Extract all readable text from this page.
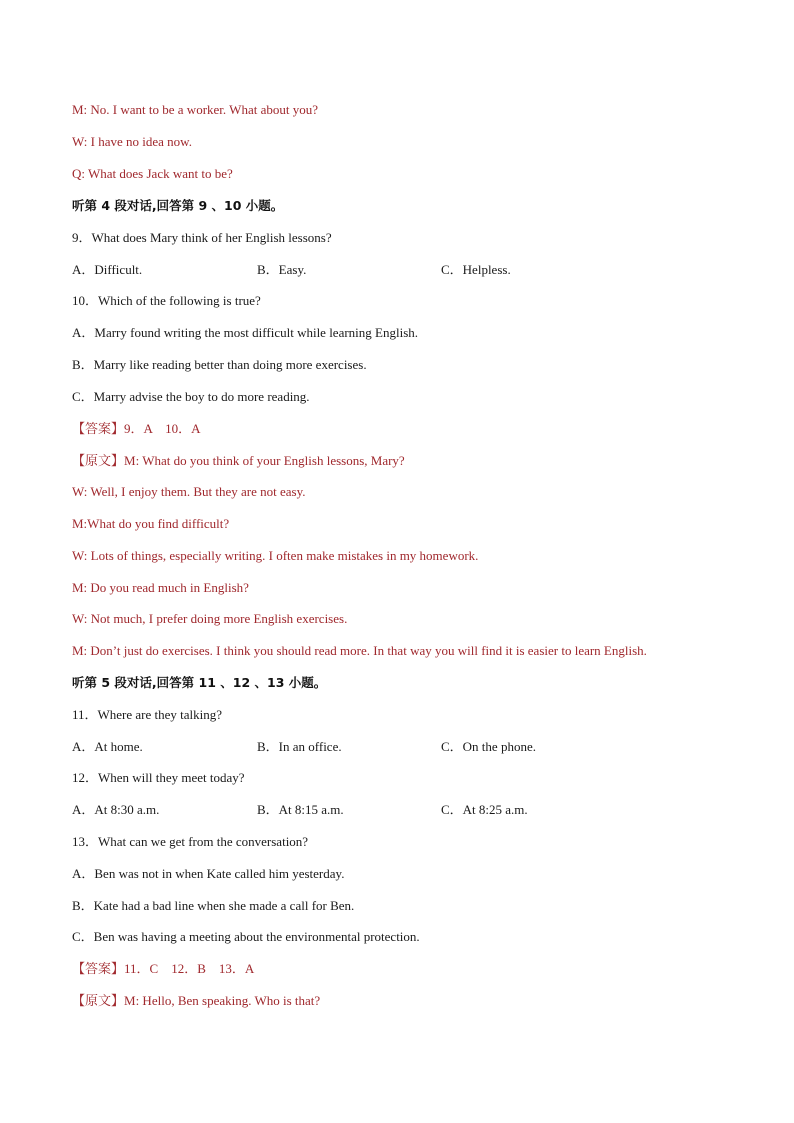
M: No. I want to be a worker. What about you?
W: I have no idea now.
Q: What does Jack want to be?
听第 4 段对话,回答第 9 、10 小题。
9．What does Mary think of her English lessons?
A．Difficult.	B．Easy.	C．Helpless.
10．Which of the following is true?
A．Marry found writing the most difficult while learning English.
B．Marry like reading better than doing more exercises.
C．Marry advise the boy to do more reading.
【答案】9．A    10．A
【原文】M: What do you think of your English lessons, Mary?
W: Well, I enjoy them. But they are not easy.
M:What do you find difficult?
W: Lots of things, especially writing. I often make mistakes in my homework.
M: Do you read much in English?
W: Not much, I prefer doing more English exercises.
M: Don’t just do exercises. I think you should read more. In that way you will find it is easier to learn English.
听第 5 段对话,回答第 11 、12 、13 小题。
11．Where are they talking?
A．At home.	B．In an office.	C．On the phone.
12．When will they meet today?
A．At 8:30 a.m.	B．At 8:15 a.m.	C．At 8:25 a.m.
13．What can we get from the conversation?
A．Ben was not in when Kate called him yesterday.
B．Kate had a bad line when she made a call for Ben.
C．Ben was having a meeting about the environmental protection.
【答案】11．C    12．B    13．A
【原文】M: Hello, Ben speaking. Who is that?
